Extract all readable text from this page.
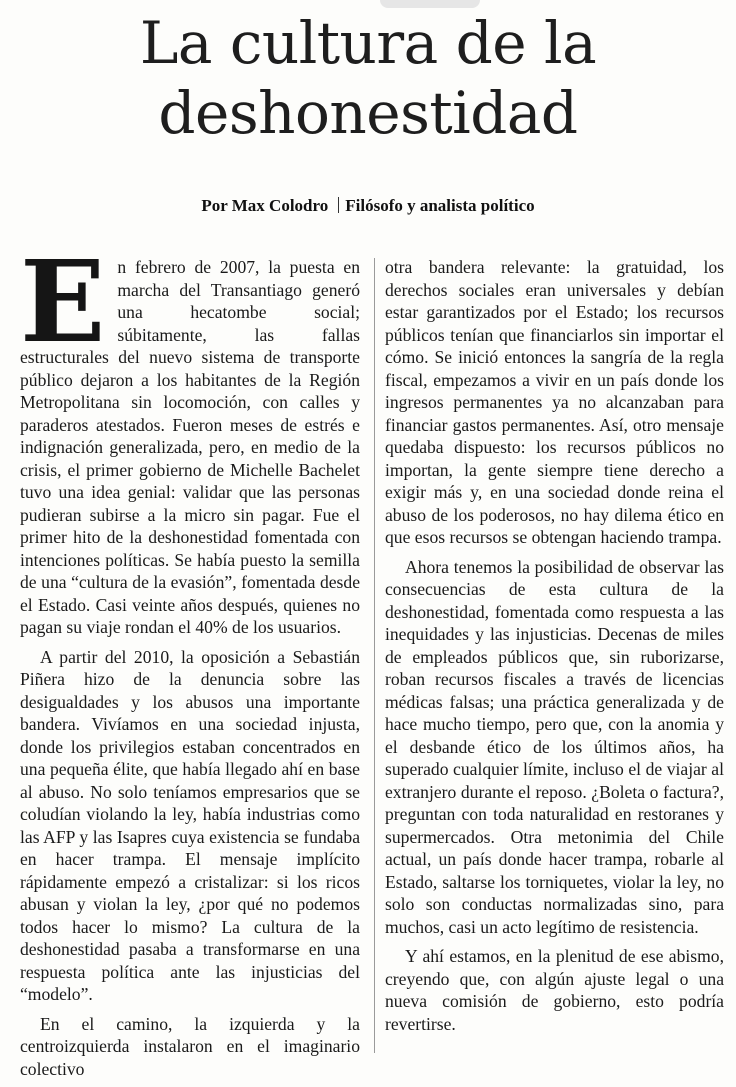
La cultura de la
deshonestidad
Por Max Colodro Filósofo y analista político

En febrero de 2007, la puesta en marcha del Transantiago generó una hecatombe social; súbitamente, las fallas estructurales del nuevo sistema de transporte público dejaron a los habitantes de la Región Metropolitana sin locomoción, con calles y paraderos atestados. Fueron meses de estrés e indignación generalizada, pero, en medio de la crisis, el primer gobierno de Michelle Bachelet tuvo una idea genial: validar que las personas pudieran subirse a la micro sin pagar. Fue el primer hito de la deshonestidad fomentada con intenciones políticas. Se había puesto la semilla de una “cultura de la evasión”, fomentada desde el Estado. Casi veinte años después, quienes no pagan su viaje rondan el 40% de los usuarios.

A partir del 2010, la oposición a Sebastián Piñera hizo de la denuncia sobre las desigualdades y los abusos una importante bandera. Vivíamos en una sociedad injusta, donde los privilegios estaban concentrados en una pequeña élite, que había llegado ahí en base al abuso. No solo teníamos empresarios que se coludían violando la ley, había industrias como las AFP y las Isapres cuya existencia se fundaba en hacer trampa. El mensaje implícito rápidamente empezó a cristalizar: si los ricos abusan y violan la ley, ¿por qué no podemos todos hacer lo mismo? La cultura de la deshonestidad pasaba a transformarse en una respuesta política ante las injusticias del “modelo”.

En el camino, la izquierda y la centroizquierda instalaron en el imaginario colectivo

otra bandera relevante: la gratuidad, los derechos sociales eran universales y debían estar garantizados por el Estado; los recursos públicos tenían que financiarlos sin importar el cómo. Se inició entonces la sangría de la regla fiscal, empezamos a vivir en un país donde los ingresos permanentes ya no alcanzaban para financiar gastos permanentes. Así, otro mensaje quedaba dispuesto: los recursos públicos no importan, la gente siempre tiene derecho a exigir más y, en una sociedad donde reina el abuso de los poderosos, no hay dilema ético en que esos recursos se obtengan haciendo trampa.

Ahora tenemos la posibilidad de observar las consecuencias de esta cultura de la deshonestidad, fomentada como respuesta a las inequidades y las injusticias. Decenas de miles de empleados públicos que, sin ruborizarse, roban recursos fiscales a través de licencias médicas falsas; una práctica generalizada y de hace mucho tiempo, pero que, con la anomia y el desbande ético de los últimos años, ha superado cualquier límite, incluso el de viajar al extranjero durante el reposo. ¿Boleta o factura?, preguntan con toda naturalidad en restoranes y supermercados. Otra metonimia del Chile actual, un país donde hacer trampa, robarle al Estado, saltarse los torniquetes, violar la ley, no solo son conductas normalizadas sino, para muchos, casi un acto legítimo de resistencia.

Y ahí estamos, en la plenitud de ese abismo, creyendo que, con algún ajuste legal o una nueva comisión de gobierno, esto podría revertirse.
